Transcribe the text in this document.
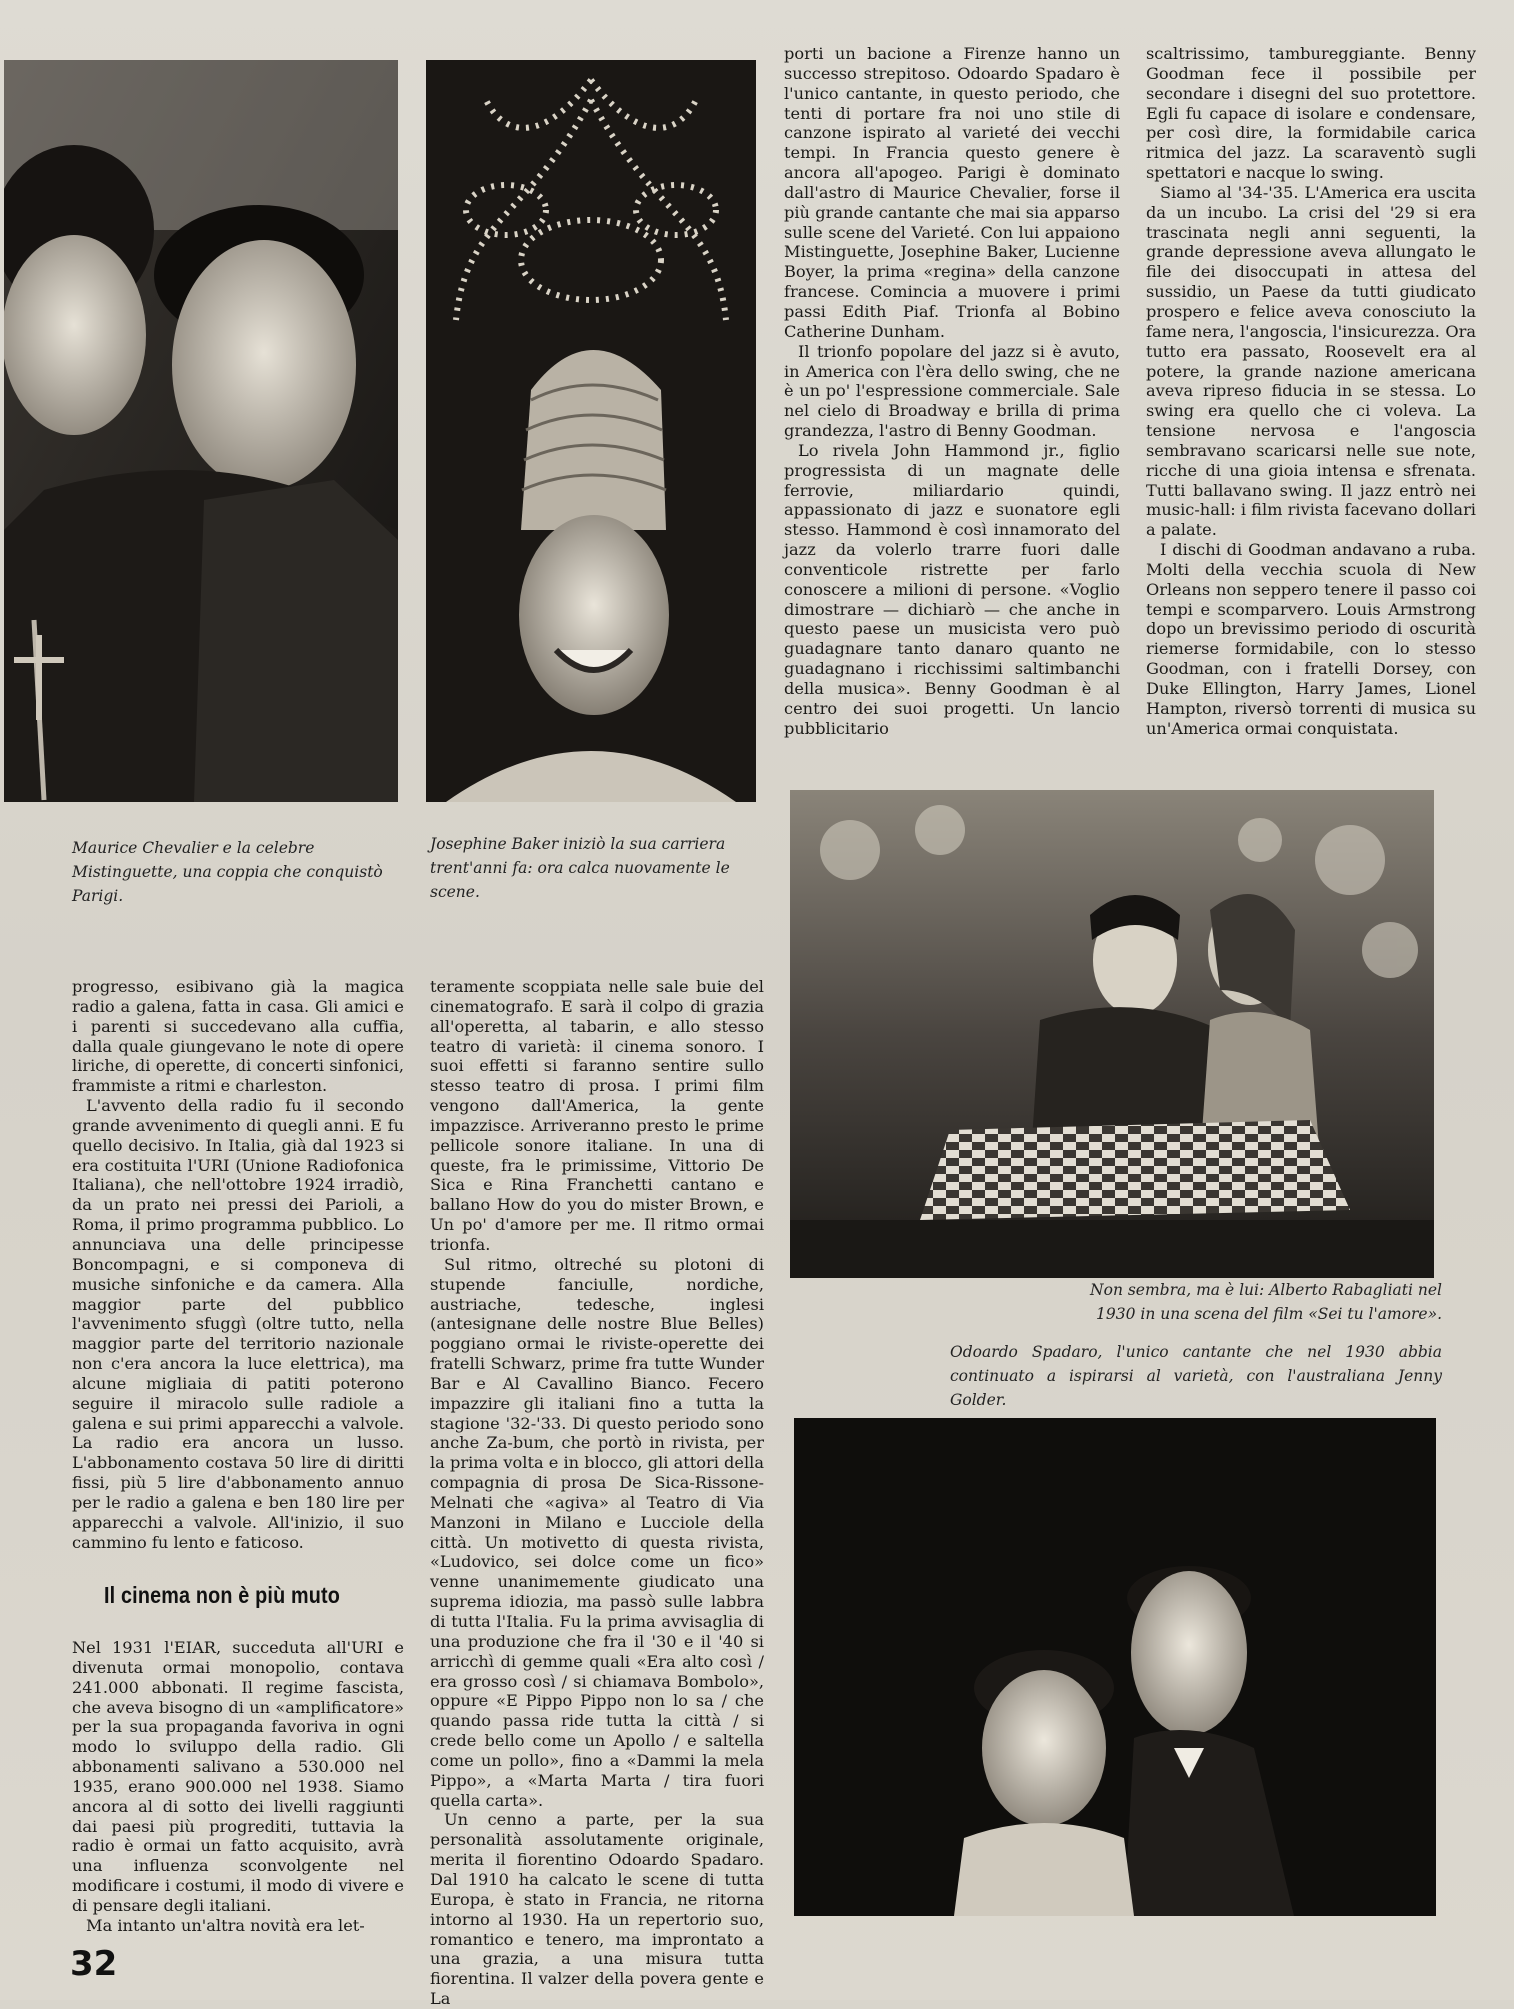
Maurice Chevalier e la celebre Mistinguette, una coppia che conquistò Parigi.
Josephine Baker iniziò la sua carriera trent'anni fa: ora calca nuovamente le scene.

porti un bacione a Firenze hanno un successo strepitoso. Odoardo Spadaro è l'unico cantante, in questo periodo, che tenti di portare fra noi uno stile di canzone ispirato al varieté dei vecchi tempi. In Francia questo genere è ancora all'apogeo. Parigi è dominato dall'astro di Maurice Chevalier, forse il più grande cantante che mai sia apparso sulle scene del Varieté. Con lui appaiono Mistinguette, Josephine Baker, Lucienne Boyer, la prima «regina» della canzone francese. Comincia a muovere i primi passi Edith Piaf. Trionfa al Bobino Catherine Dunham.

Il trionfo popolare del jazz si è avuto, in America con l'èra dello swing, che ne è un po' l'espressione commerciale. Sale nel cielo di Broadway e brilla di prima grandezza, l'astro di Benny Goodman.

Lo rivela John Hammond jr., figlio progressista di un magnate delle ferrovie, miliardario quindi, appassionato di jazz e suonatore egli stesso. Hammond è così innamorato del jazz da volerlo trarre fuori dalle conventicole ristrette per farlo conoscere a milioni di persone. «Voglio dimostrare — dichiarò — che anche in questo paese un musicista vero può guadagnare tanto danaro quanto ne guadagnano i ricchissimi saltimbanchi della musica». Benny Goodman è al centro dei suoi progetti. Un lancio pubblicitario

scaltrissimo, tambureggiante. Benny Goodman fece il possibile per secondare i disegni del suo protettore. Egli fu capace di isolare e condensare, per così dire, la formidabile carica ritmica del jazz. La scaraventò sugli spettatori e nacque lo swing.

Siamo al '34-'35. L'America era uscita da un incubo. La crisi del '29 si era trascinata negli anni seguenti, la grande depressione aveva allungato le file dei disoccupati in attesa del sussidio, un Paese da tutti giudicato prospero e felice aveva conosciuto la fame nera, l'angoscia, l'insicurezza. Ora tutto era passato, Roosevelt era al potere, la grande nazione americana aveva ripreso fiducia in se stessa. Lo swing era quello che ci voleva. La tensione nervosa e l'angoscia sembravano scaricarsi nelle sue note, ricche di una gioia intensa e sfrenata. Tutti ballavano swing. Il jazz entrò nei music-hall: i film rivista facevano dollari a palate.

I dischi di Goodman andavano a ruba. Molti della vecchia scuola di New Orleans non seppero tenere il passo coi tempi e scomparvero. Louis Armstrong dopo un brevissimo periodo di oscurità riemerse formidabile, con lo stesso Goodman, con i fratelli Dorsey, con Duke Ellington, Harry James, Lionel Hampton, riversò torrenti di musica su un'America ormai conquistata.

Non sembra, ma è lui: Alberto Rabagliati nel 1930 in una scena del film «Sei tu l'amore».
Odoardo Spadaro, l'unico cantante che nel 1930 abbia continuato a ispirarsi al varietà, con l'australiana Jenny Golder.

progresso, esibivano già la magica radio a galena, fatta in casa. Gli amici e i parenti si succedevano alla cuffia, dalla quale giungevano le note di opere liriche, di operette, di concerti sinfonici, frammiste a ritmi e charleston.

L'avvento della radio fu il secondo grande avvenimento di quegli anni. E fu quello decisivo. In Italia, già dal 1923 si era costituita l'URI (Unione Radiofonica Italiana), che nell'ottobre 1924 irradiò, da un prato nei pressi dei Parioli, a Roma, il primo programma pubblico. Lo annunciava una delle principesse Boncompagni, e si componeva di musiche sinfoniche e da camera. Alla maggior parte del pubblico l'avvenimento sfuggì (oltre tutto, nella maggior parte del territorio nazionale non c'era ancora la luce elettrica), ma alcune migliaia di patiti poterono seguire il miracolo sulle radiole a galena e sui primi apparecchi a valvole. La radio era ancora un lusso. L'abbonamento costava 50 lire di diritti fissi, più 5 lire d'abbonamento annuo per le radio a galena e ben 180 lire per apparecchi a valvole. All'inizio, il suo cammino fu lento e faticoso.

Il cinema non è più muto

Nel 1931 l'EIAR, succeduta all'URI e divenuta ormai monopolio, contava 241.000 abbonati. Il regime fascista, che aveva bisogno di un «amplificatore» per la sua propaganda favoriva in ogni modo lo sviluppo della radio. Gli abbonamenti salivano a 530.000 nel 1935, erano 900.000 nel 1938. Siamo ancora al di sotto dei livelli raggiunti dai paesi più progrediti, tuttavia la radio è ormai un fatto acquisito, avrà una influenza sconvolgente nel modificare i costumi, il modo di vivere e di pensare degli italiani.

Ma intanto un'altra novità era let-

teramente scoppiata nelle sale buie del cinematografo. E sarà il colpo di grazia all'operetta, al tabarin, e allo stesso teatro di varietà: il cinema sonoro. I suoi effetti si faranno sentire sullo stesso teatro di prosa. I primi film vengono dall'America, la gente impazzisce. Arriveranno presto le prime pellicole sonore italiane. In una di queste, fra le primissime, Vittorio De Sica e Rina Franchetti cantano e ballano How do you do mister Brown, e Un po' d'amore per me. Il ritmo ormai trionfa.

Sul ritmo, oltreché su plotoni di stupende fanciulle, nordiche, austriache, tedesche, inglesi (antesignane delle nostre Blue Belles) poggiano ormai le riviste-operette dei fratelli Schwarz, prime fra tutte Wunder Bar e Al Cavallino Bianco. Fecero impazzire gli italiani fino a tutta la stagione '32-'33. Di questo periodo sono anche Za-bum, che portò in rivista, per la prima volta e in blocco, gli attori della compagnia di prosa De Sica-Rissone-Melnati che «agiva» al Teatro di Via Manzoni in Milano e Lucciole della città. Un motivetto di questa rivista, «Ludovico, sei dolce come un fico» venne unanimemente giudicato una suprema idiozia, ma passò sulle labbra di tutta l'Italia. Fu la prima avvisaglia di una produzione che fra il '30 e il '40 si arricchì di gemme quali «Era alto così / era grosso così / si chiamava Bombolo», oppure «E Pippo Pippo non lo sa / che quando passa ride tutta la città / si crede bello come un Apollo / e saltella come un pollo», fino a «Dammi la mela Pippo», a «Marta Marta / tira fuori quella carta».

Un cenno a parte, per la sua personalità assolutamente originale, merita il fiorentino Odoardo Spadaro. Dal 1910 ha calcato le scene di tutta Europa, è stato in Francia, ne ritorna intorno al 1930. Ha un repertorio suo, romantico e tenero, ma improntato a una grazia, a una misura tutta fiorentina. Il valzer della povera gente e La

32
